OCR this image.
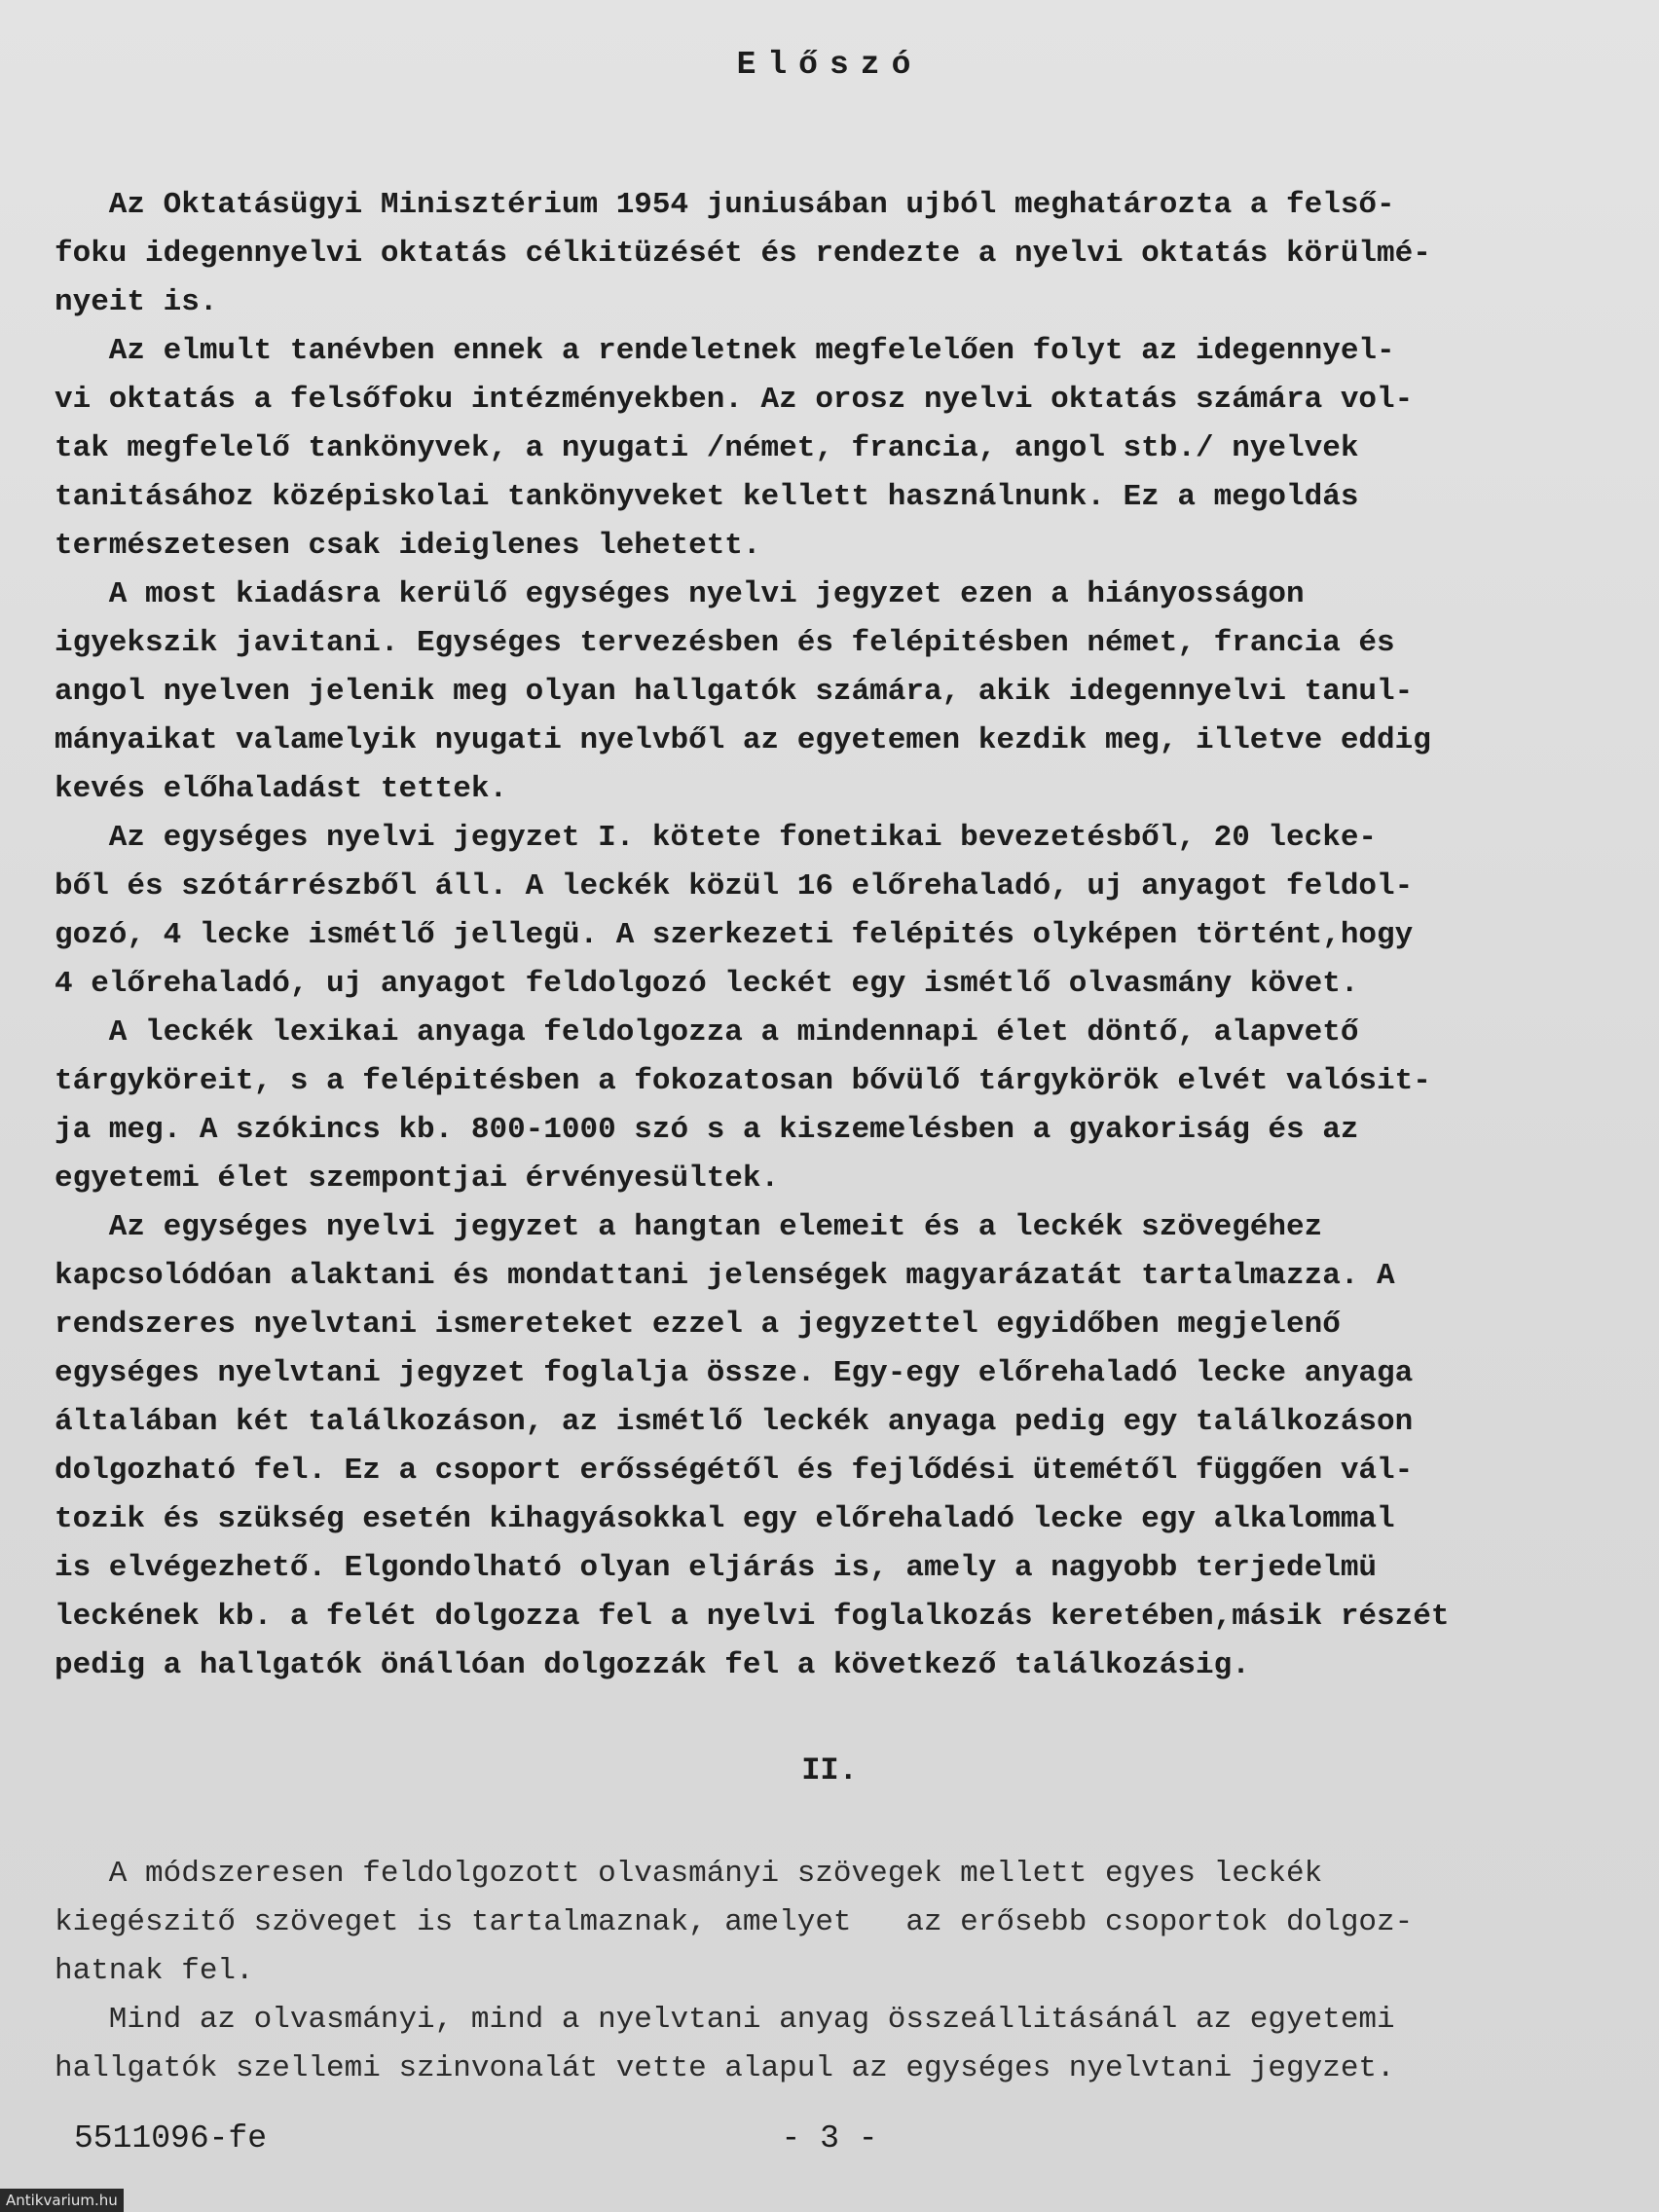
Előszó

Az Oktatásügyi Minisztérium 1954 juniusában ujból meghatározta a felső-

foku idegennyelvi oktatás célkitüzését és rendezte a nyelvi oktatás körülmé-

nyeit is.

Az elmult tanévben ennek a rendeletnek megfelelően folyt az idegennyel-

vi oktatás a felsőfoku intézményekben. Az orosz nyelvi oktatás számára vol-

tak megfelelő tankönyvek, a nyugati /német, francia, angol stb./ nyelvek

tanitásához középiskolai tankönyveket kellett használnunk. Ez a megoldás

természetesen csak ideiglenes lehetett.

A most kiadásra kerülő egységes nyelvi jegyzet ezen a hiányosságon

igyekszik javitani. Egységes tervezésben és felépitésben német, francia és

angol nyelven jelenik meg olyan hallgatók számára, akik idegennyelvi tanul-

mányaikat valamelyik nyugati nyelvből az egyetemen kezdik meg, illetve eddig

kevés előhaladást tettek.

Az egységes nyelvi jegyzet I. kötete fonetikai bevezetésből, 20 lecke-

ből és szótárrészből áll. A leckék közül 16 előrehaladó, uj anyagot feldol-

gozó, 4 lecke ismétlő jellegü. A szerkezeti felépités olyképen történt,hogy

4 előrehaladó, uj anyagot feldolgozó leckét egy ismétlő olvasmány követ.

A leckék lexikai anyaga feldolgozza a mindennapi élet döntő, alapvető

tárgyköreit, s a felépitésben a fokozatosan bővülő tárgykörök elvét valósit-

ja meg. A szókincs kb. 800-1000 szó s a kiszemelésben a gyakoriság és az

egyetemi élet szempontjai érvényesültek.

Az egységes nyelvi jegyzet a hangtan elemeit és a leckék szövegéhez

kapcsolódóan alaktani és mondattani jelenségek magyarázatát tartalmazza. A

rendszeres nyelvtani ismereteket ezzel a jegyzettel egyidőben megjelenő

egységes nyelvtani jegyzet foglalja össze. Egy-egy előrehaladó lecke anyaga

általában két találkozáson, az ismétlő leckék anyaga pedig egy találkozáson

dolgozható fel. Ez a csoport erősségétől és fejlődési ütemétől függően vál-

tozik és szükség esetén kihagyásokkal egy előrehaladó lecke egy alkalommal

is elvégezhető. Elgondolható olyan eljárás is, amely a nagyobb terjedelmü

leckének kb. a felét dolgozza fel a nyelvi foglalkozás keretében,másik részét

pedig a hallgatók önállóan dolgozzák fel a következő találkozásig.

II.

A módszeresen feldolgozott olvasmányi szövegek mellett egyes leckék

kiegészitő szöveget is tartalmaznak, amelyet   az erősebb csoportok dolgoz-

hatnak fel.

Mind az olvasmányi, mind a nyelvtani anyag összeállitásánál az egyetemi

hallgatók szellemi szinvonalát vette alapul az egységes nyelvtani jegyzet.

5511096-fe	- 3 -
Antikvarium.hu
